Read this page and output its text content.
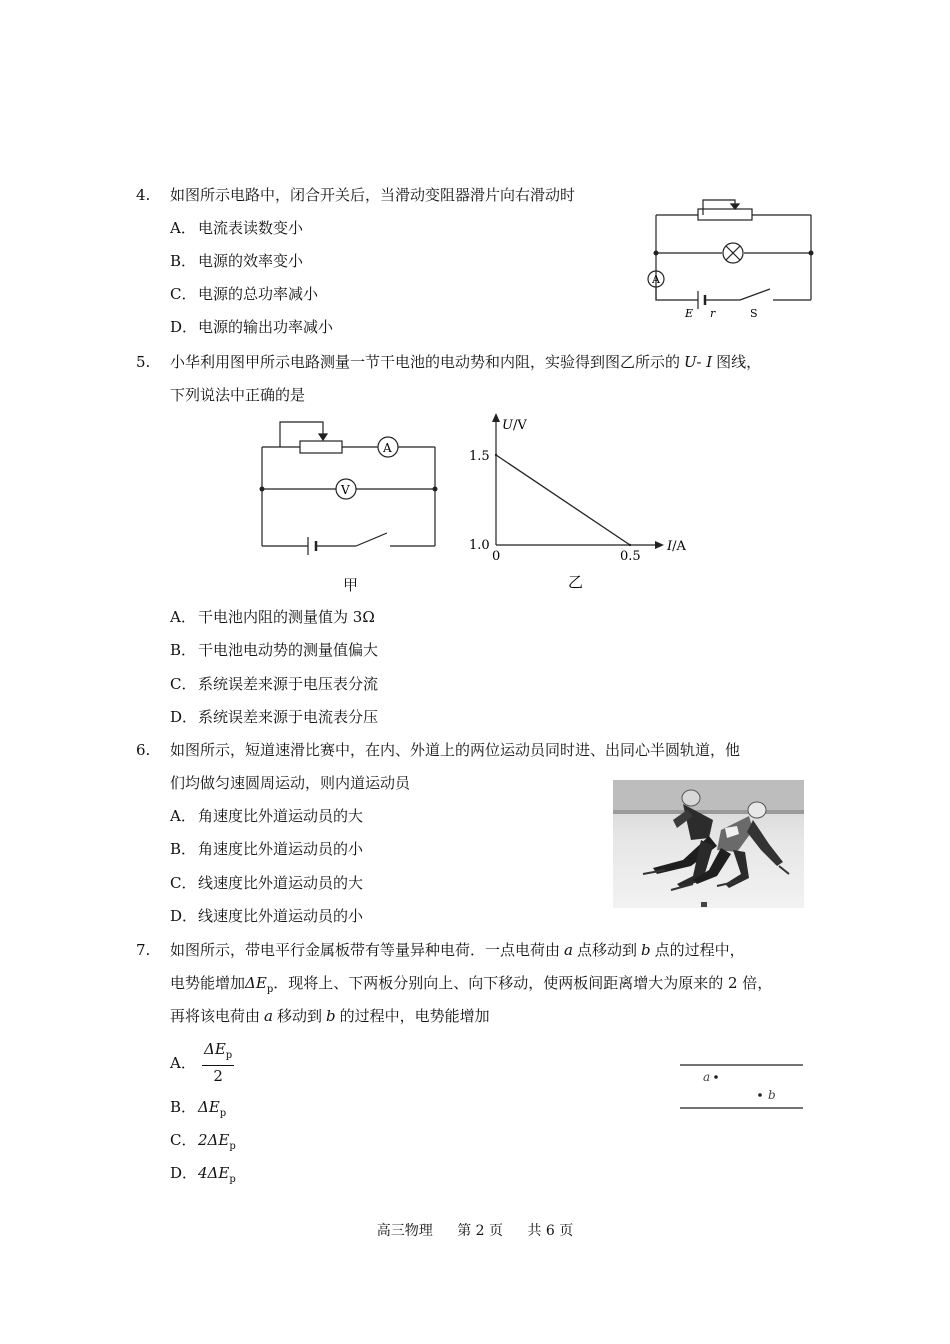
4. 如图所示电路中，闭合开关后，当滑动变阻器滑片向右滑动时
A． 电流表读数变小
B． 电源的效率变小
C． 电源的总功率减小
D．电源的输出功率减小
A
E r	S
5. 小华利用图甲所示电路测量一节干电池的电动势和内阻，实验得到图乙所示的 U- I 图线，
下列说法中正确的是
A
V
甲
U/V
I/A
1.5
1.0
0	0.5
乙
A． 干电池内阻的测量值为 3Ω
B． 干电池电动势的测量值偏大
C． 系统误差来源于电压表分流
D．系统误差来源于电流表分压
6. 如图所示，短道速滑比赛中，在内、外道上的两位运动员同时进、出同心半圆轨道，他
们均做匀速圆周运动，则内道运动员
A． 角速度比外道运动员的大
B． 角速度比外道运动员的小
C． 线速度比外道运动员的大
D．线速度比外道运动员的小
7. 如图所示，带电平行金属板带有等量异种电荷．一点电荷由 a 点移动到 b 点的过程中，
电势能增加$\Delta E_p$．现将上、下两板分别向上、向下移动，使两板间距离增大为原来的 2 倍，
再将该电荷由 a 移动到 b 的过程中，电势能增加
A． $\frac{\Delta E_p}{2}$
B． $\Delta E_p$
C． $2\Delta E_p$
D．$4\Delta E_p$
a
b
高三物理 第 2 页 共 6 页
